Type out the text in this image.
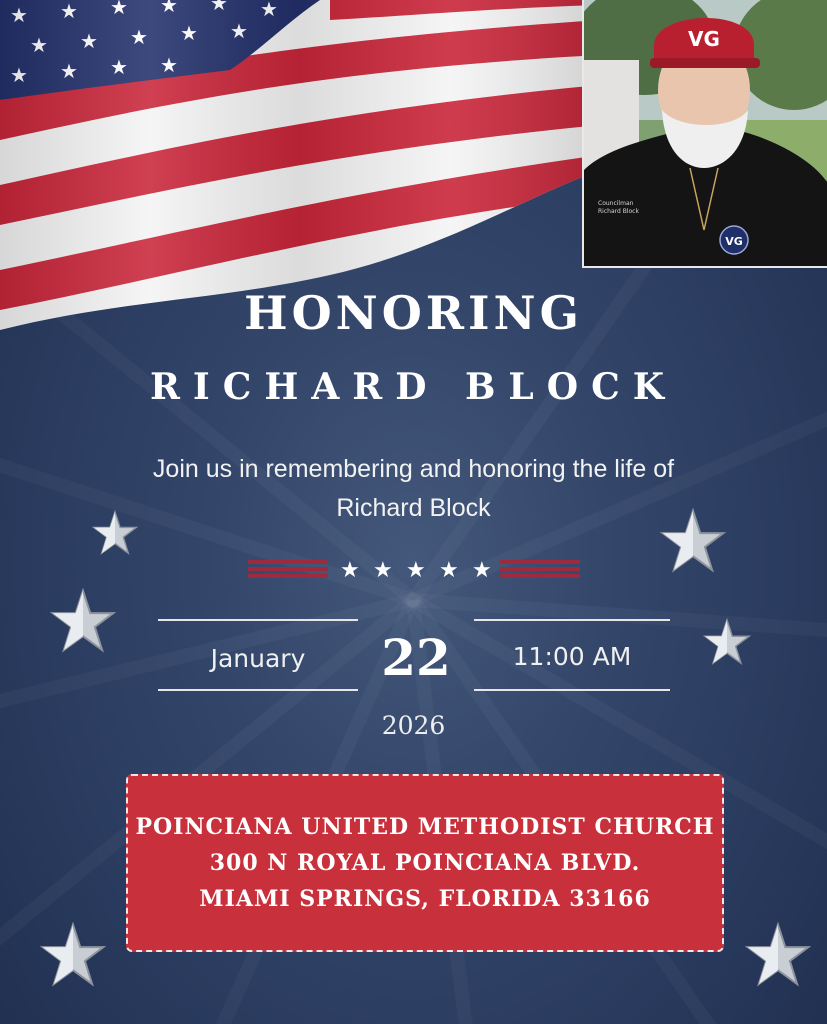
VG
Councilman
Richard Block
VG
HONORING
RICHARD BLOCK
Join us in remembering and honoring the life of
Richard Block
★ ★ ★ ★ ★
January	22	11:00 AM
2026
POINCIANA UNITED METHODIST CHURCH
300 N ROYAL POINCIANA BLVD.
MIAMI SPRINGS, FLORIDA 33166
